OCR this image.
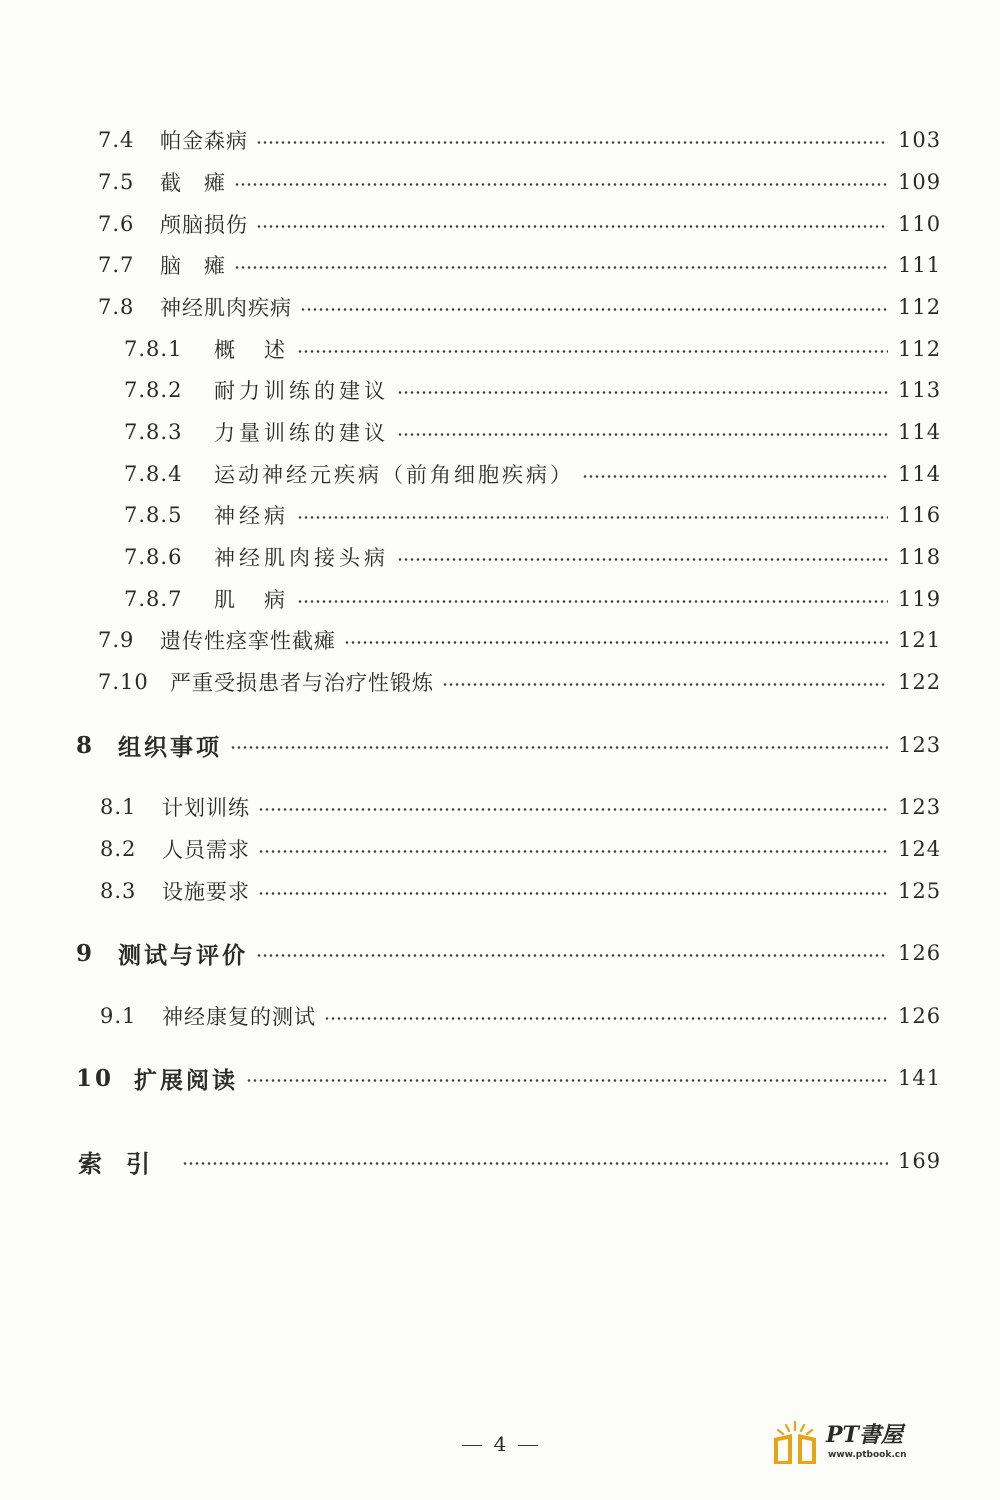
7.4	帕金森病	103
7.5	截　瘫	109
7.6	颅脑损伤	110
7.7	脑　瘫	111
7.8	神经肌肉疾病	112
7.8.1	概　述	112
7.8.2	耐力训练的建议	113
7.8.3	力量训练的建议	114
7.8.4	运动神经元疾病（前角细胞疾病）	114
7.8.5	神经病	116
7.8.6	神经肌肉接头病	118
7.8.7	肌　病	119
7.9	遗传性痉挛性截瘫	121
7.10	严重受损患者与治疗性锻炼	122
8 组织事项	123
8.1	计划训练	123
8.2	人员需求	124
8.3	设施要求	125
9 测试与评价	126
9.1	神经康复的测试	126
10 扩展阅读	141
索引	169
4	PT書屋
www.ptbook.cn
